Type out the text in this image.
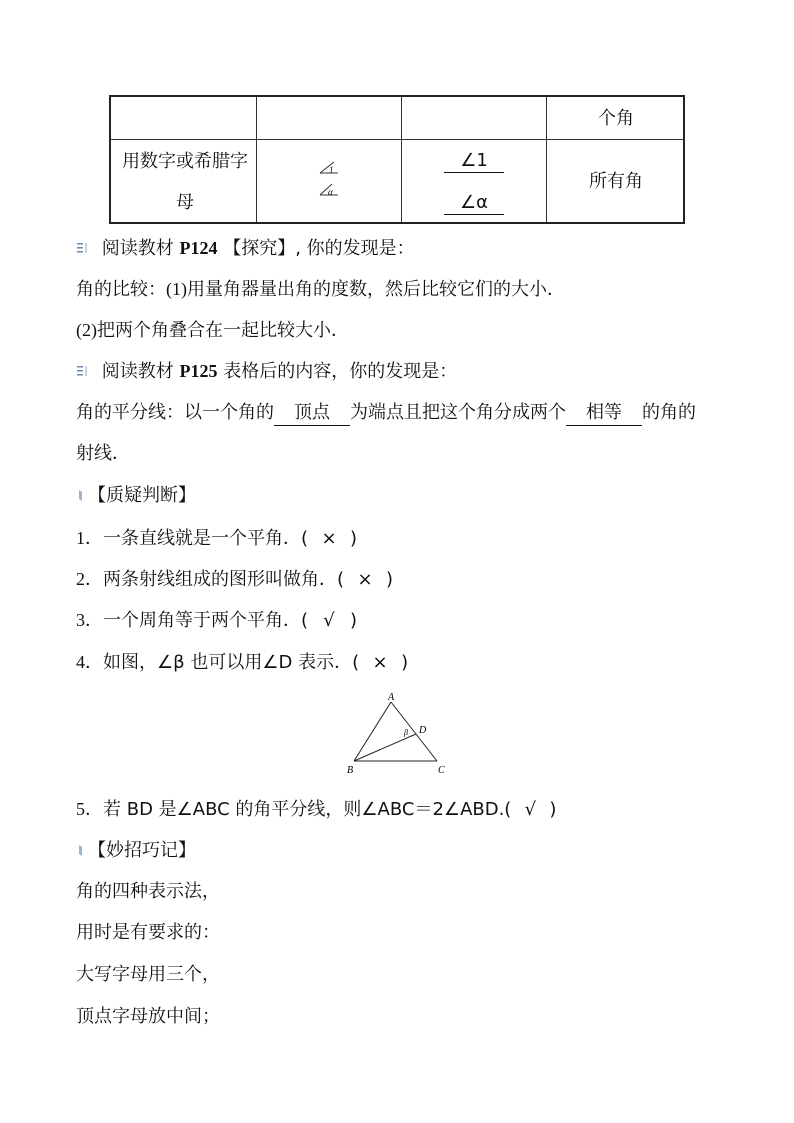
个角
用数字或希腊字
母
1
α
∠1
∠α
所有角
阅读教材 P124 【探究】, 你的发现是：
角的比较：(1)用量角器量出角的度数，然后比较它们的大小．
(2)把两个角叠合在一起比较大小．
阅读教材 P125 表格后的内容，你的发现是：
角的平分线：以一个角的 顶点 为端点且把这个角分成两个 相等 的角的
射线．
【质疑判断】
1．一条直线就是一个平角．( × )
2．两条射线组成的图形叫做角．( × )
3．一个周角等于两个平角．( √ )
4．如图，∠β 也可以用∠D 表示．( × )
A
B	C
D
β
5．若 BD 是∠ABC 的角平分线，则∠ABC＝2∠ABD.( √ )
【妙招巧记】
角的四种表示法，
用时是有要求的：
大写字母用三个，
顶点字母放中间；
